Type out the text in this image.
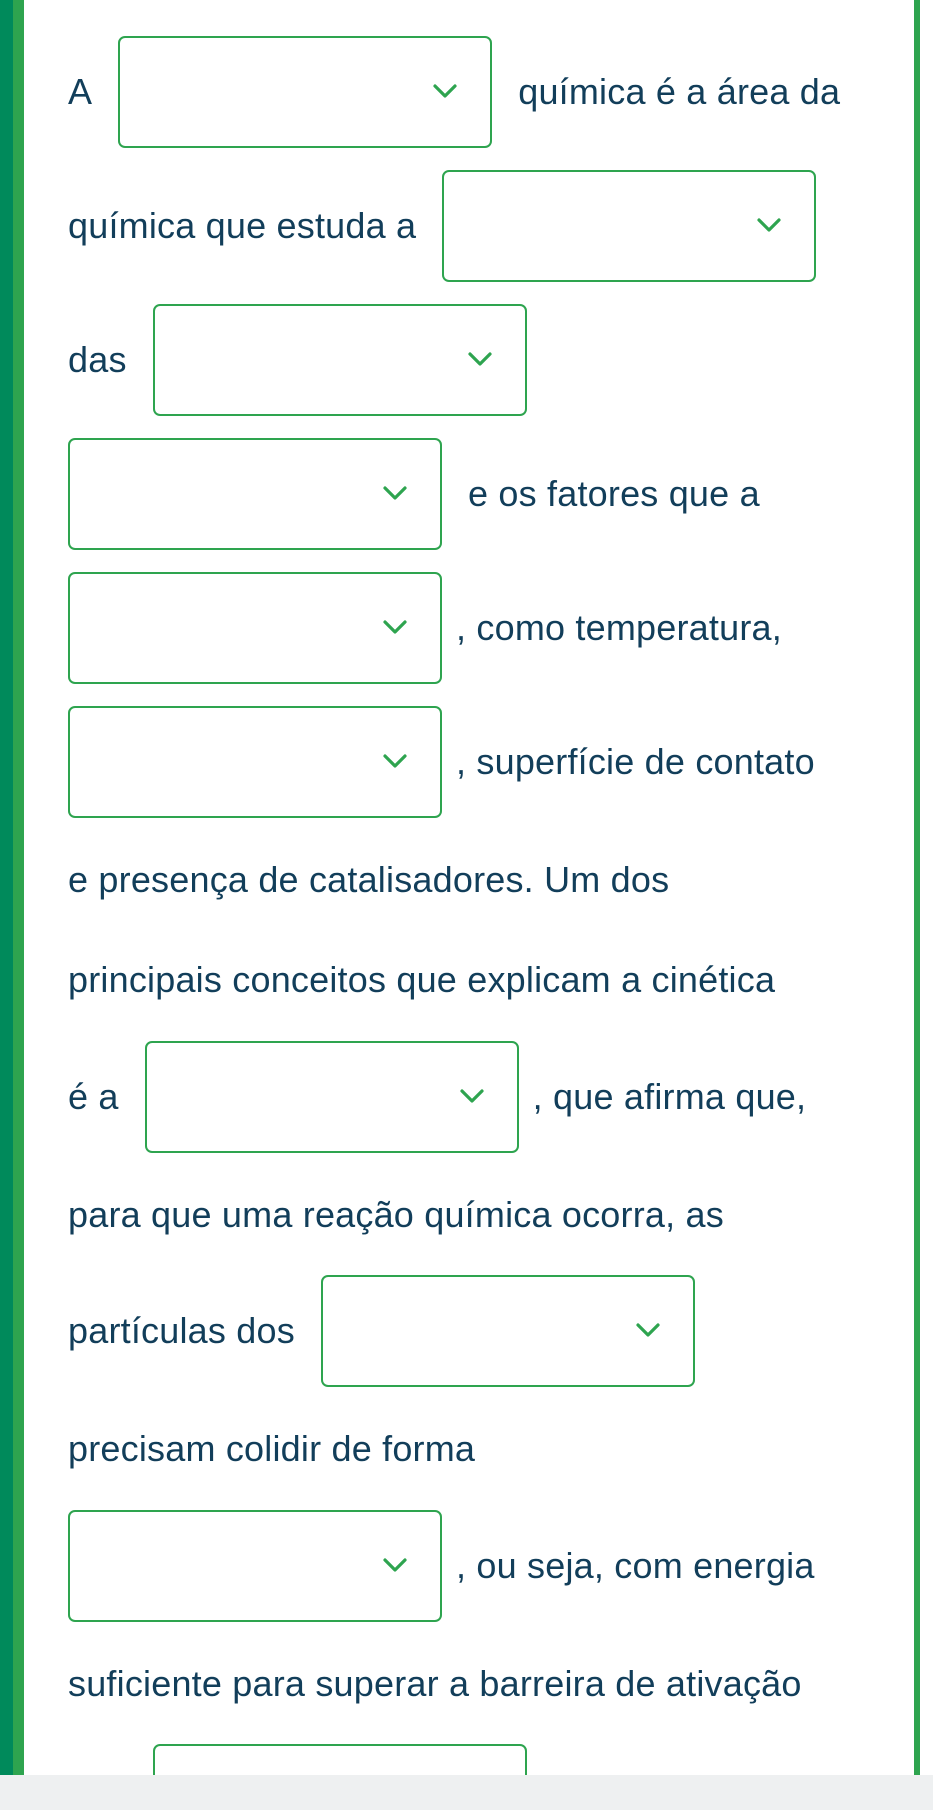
A	química é a área da
química que estuda a
das
e os fatores que a
, como temperatura,
, superfície de contato
e presença de catalisadores. Um dos
principais conceitos que explicam a cinética
é a	, que afirma que,
para que uma reação química ocorra, as
partículas dos
precisam colidir de forma
, ou seja, com energia
suficiente para superar a barreira de ativação
